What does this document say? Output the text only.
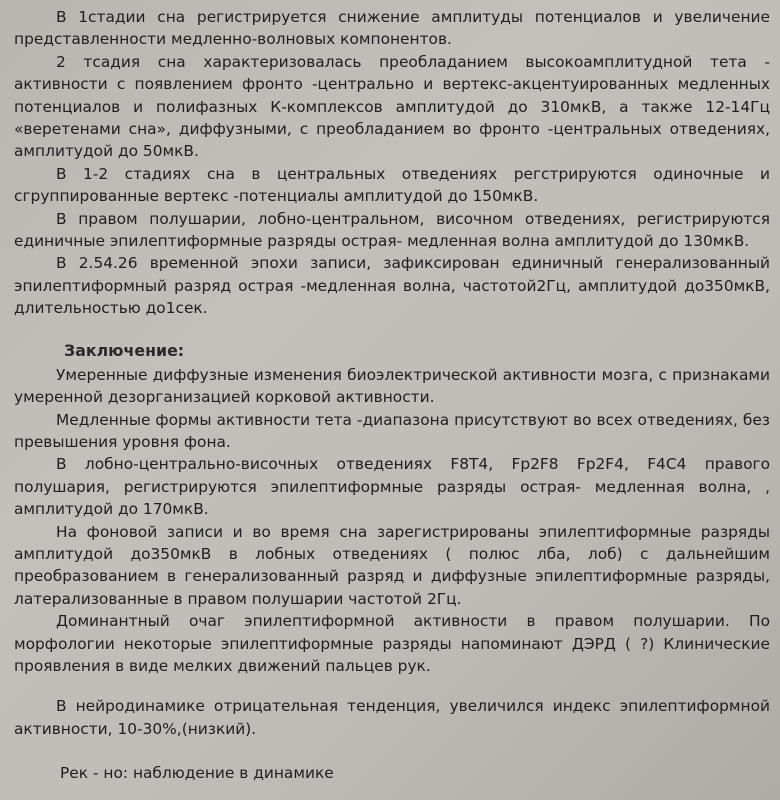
В 1стадии сна регистрируется снижение амплитуды потенциалов и увеличение представленности медленно-волновых компонентов.

2 тсадия сна характеризовалась преобладанием высокоамплитудной тета - активности с появлением фронто -центрально и вертекс-акцентуированных медленных потенциалов и полифазных К-комплексов амплитудой до 310мкВ, а также 12-14Гц «веретенами сна», диффузными, с преобладанием во фронто -центральных отведениях, амплитудой до 50мкВ.

В 1-2 стадиях сна в центральных отведениях регстрируются одиночные и сгруппированные вертекс -потенциалы амплитудой до 150мкВ.

В правом полушарии, лобно-центральном, височном отведениях, регистрируются единичные эпилептиформные разряды острая- медленная волна амплитудой до 130мкВ.

В 2.54.26 временной эпохи записи, зафиксирован единичный генерализованный эпилептиформный разряд острая -медленная волна, частотой2Гц, амплитудой до350мкВ, длительностью до1сек.

Заключение:

Умеренные диффузные изменения биоэлектрической активности мозга, с признаками умеренной дезорганизацией корковой активности.

Медленные формы активности тета -диапазона присутствуют во всех отведениях, без превышения уровня фона.

В лобно-центрально-височных отведениях F8T4, Fp2F8 Fp2F4, F4C4 правого полушария, регистрируются эпилептиформные разряды острая- медленная волна, , амплитудой до 170мкВ.

На фоновой записи и во время сна зарегистрированы эпилептиформные разряды амплитудой до350мкВ в лобных отведениях ( полюс лба, лоб) с дальнейшим преобразованием в генерализованный разряд и диффузные эпилептиформные разряды, латерализованные в правом полушарии частотой 2Гц.

Доминантный очаг эпилептиформной активности в правом полушарии. По морфологии некоторые эпилептиформные разряды напоминают ДЭРД ( ?) Клинические проявления в виде мелких движений пальцев рук.

В нейродинамике отрицательная тенденция, увеличился индекс эпилептиформной активности, 10-30%,(низкий).

Рек - но: наблюдение в динамике
